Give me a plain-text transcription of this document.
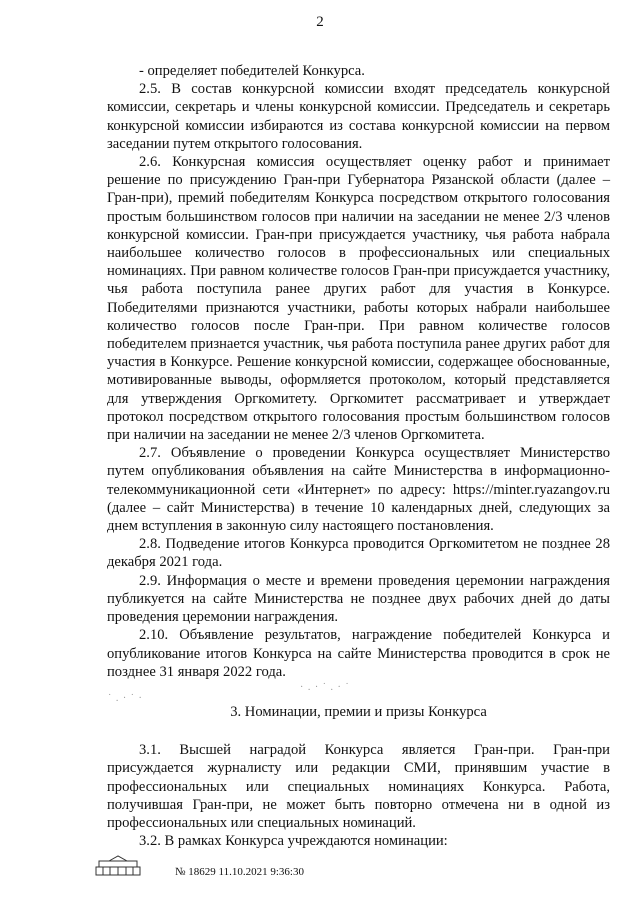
2

- определяет победителей Конкурса.

2.5. В состав конкурсной комиссии входят председатель конкурсной комиссии, секретарь и члены конкурсной комиссии. Председатель и секретарь конкурсной комиссии избираются из состава конкурсной комиссии на первом заседании путем открытого голосования.

2.6. Конкурсная комиссия осуществляет оценку работ и принимает решение по присуждению Гран-при Губернатора Рязанской области (далее – Гран-при), премий победителям Конкурса посредством открытого голосования простым большинством голосов при наличии на заседании не менее 2/3 членов конкурсной комиссии. Гран-при присуждается участнику, чья работа набрала наибольшее количество голосов в профессиональных или специальных номинациях. При равном количестве голосов Гран-при присуждается участнику, чья работа поступила ранее других работ для участия в Конкурсе. Победителями признаются участники, работы которых набрали наибольшее количество голосов после Гран-при. При равном количестве голосов победителем признается участник, чья работа поступила ранее других работ для участия в Конкурсе. Решение конкурсной комиссии, содержащее обоснованные, мотивированные выводы, оформляется протоколом, который представляется для утверждения Оргкомитету. Оргкомитет рассматривает и утверждает протокол посредством открытого голосования простым большинством голосов при наличии на заседании не менее 2/3 членов Оргкомитета.

2.7. Объявление о проведении Конкурса осуществляет Министерство путем опубликования объявления на сайте Министерства в информационно-телекоммуникационной сети «Интернет» по адресу: https://minter.ryazangov.ru (далее – сайт Министерства) в течение 10 календарных дней, следующих за днем вступления в законную силу настоящего постановления.

2.8. Подведение итогов Конкурса проводится Оргкомитетом не позднее 28 декабря 2021 года.

2.9. Информация о месте и времени проведения церемонии награждения публикуется на сайте Министерства не позднее двух рабочих дней до даты проведения церемонии награждения.

2.10. Объявление результатов, награждение победителей Конкурса и опубликование итогов Конкурса на сайте Министерства проводится в срок не позднее 31 января 2022 года.

3. Номинации, премии и призы Конкурса

3.1. Высшей наградой Конкурса является Гран-при. Гран-при присуждается журналисту или редакции СМИ, принявшим участие в профессиональных или специальных номинациях Конкурса. Работа, получившая Гран-при, не может быть повторно отмечена ни в одной из профессиональных или специальных номинаций.

3.2. В рамках Конкурса учреждаются номинации:

· . · ˙ . · ˙
˙ . · ˙ ·
№ 18629 11.10.2021 9:36:30
